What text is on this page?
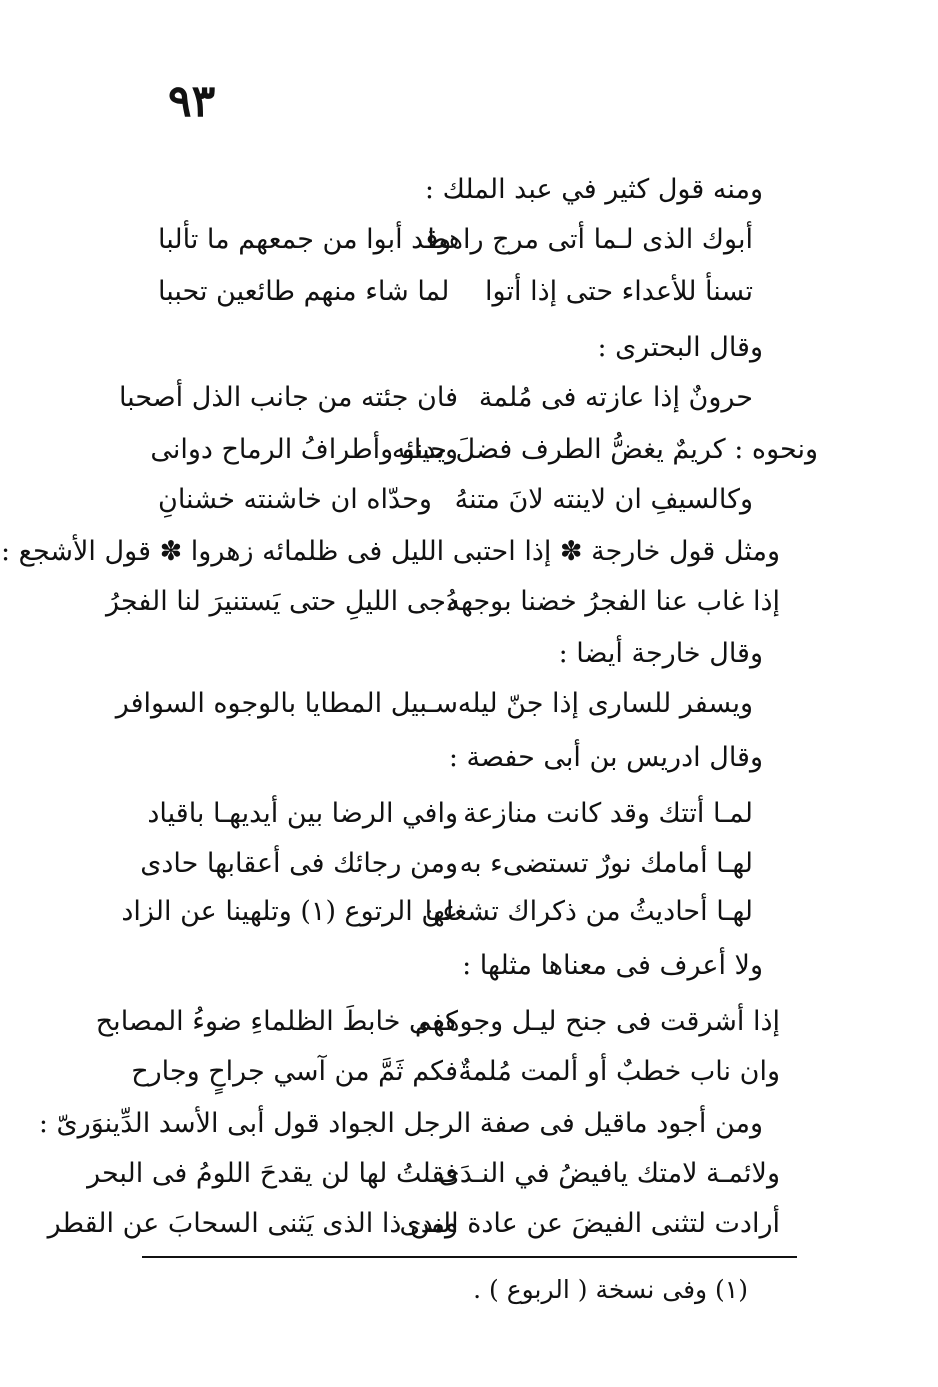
٩٣
ومنه قول كثير في عبد الملك :
أبوك الذى لـما أتى مرج راهط
وقد أبوا من جمعهم ما تألبا
تسنأ للأعداء حتى إذا أتوا
لما شاء منهم طائعين تحببا
وقال البحترى :
حرونٌ إذا عازته فى مُلمة
فان جئته من جانب الذل أصحبا
ونحوه : كريمٌ يغضُّ الطرف فضلَ حيائه
ويدنو وأطرافُ الرماح دوانى
وكالسيفِ ان لاينته لانَ متنهُ
وحدّاه ان خاشنته خشنانِ
ومثل قول خارجة ✽ إذا احتبى الليل فى ظلمائه زهروا ✽ قول الأشجع :
إذا غاب عنا الفجرُ خضنا بوجهه
دُجى الليلِ حتى يَستنيرَ لنا الفجرُ
وقال خارجة أيضا :
ويسفر للسارى إذا جنّ ليله
سـبيل المطايا بالوجوه السوافر
وقال ادريس بن أبى حفصة :
لمـا أتتك وقد كانت منازعة
وافي الرضا بين أيديهـا باقياد
لهـا أمامك نورٌ تستضىء به
ومن رجائك فى أعقابها حادى
لهـا أحاديثُ من ذكراك تشغلها
عن الرتوع (١) وتلهينا عن الزاد
ولا أعرف فى معناها مثلها :
إذا أشرقت فى جنح ليـل وجوههم
كفى خابطَ الظلماءِ ضوءُ المصابح
وان ناب خطبٌ أو ألمت مُلمةٌ
فكم ثَمَّ من آسي جراحٍ وجارح
ومن أجود ماقيل فى صفة الرجل الجواد قول أبى الأسد الدِّينوَرىّ :
ولائمـة لامتك يافيضُ في النـدَى
فقلتُ لها لن يقدحَ اللومُ فى البحر
أرادت لتثنى الفيضَ عن عادة الندى
ومن ذا الذى يَثنى السحابَ عن القطر
(١) وفى نسخة ( الربوع ) .
